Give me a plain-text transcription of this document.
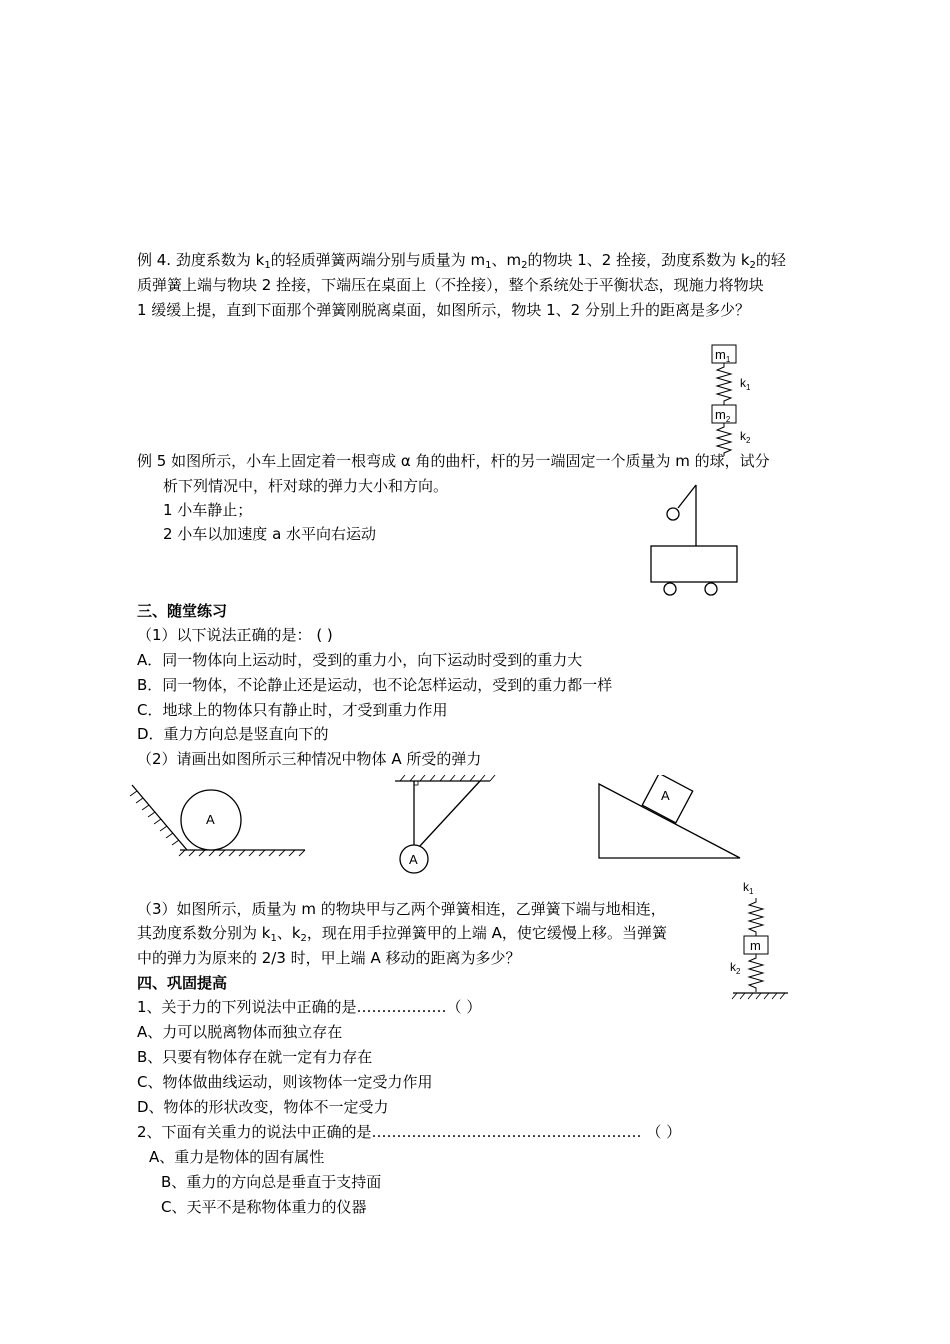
例 4. 劲度系数为 $k_1$的轻质弹簧两端分别与质量为 $m_1$、$m_2$的物块 1、2 拴接，劲度系数为 $k_2$的轻
质弹簧上端与物块 2 拴接，下端压在桌面上（不拴接），整个系统处于平衡状态，现施力将物块
1 缓缓上提，直到下面那个弹簧刚脱离桌面，如图所示，物块 1、2 分别上升的距离是多少？
$m_1$
$k_1$
$m_2$
$k_2$
例 5 如图所示，小车上固定着一根弯成 α 角的曲杆，杆的另一端固定一个质量为 m 的球，试分
析下列情况中，杆对球的弹力大小和方向。
1 小车静止；
2 小车以加速度 a 水平向右运动
三、随堂练习
（1）以下说法正确的是： ( )
A．同一物体向上运动时，受到的重力小，向下运动时受到的重力大
B．同一物体，不论静止还是运动，也不论怎样运动，受到的重力都一样
C．地球上的物体只有静止时，才受到重力作用
D．重力方向总是竖直向下的
（2）请画出如图所示三种情况中物体 A 所受的弹力
A
A
A
（3）如图所示，质量为 m 的物块甲与乙两个弹簧相连，乙弹簧下端与地相连，
其劲度系数分别为 $k_1$、$k_2$，现在用手拉弹簧甲的上端 A，使它缓慢上移。当弹簧
中的弹力为原来的 2/3 时，甲上端 A 移动的距离为多少？
$k_1$
m
$k_2$
四、巩固提高
1、关于力的下列说法中正确的是………………（ ）
A、力可以脱离物体而独立存在
B、只要有物体存在就一定有力存在
C、物体做曲线运动，则该物体一定受力作用
D、物体的形状改变，物体不一定受力
2、下面有关重力的说法中正确的是……………………………………………… （ ）
A、重力是物体的固有属性
B、重力的方向总是垂直于支持面
C、天平不是称物体重力的仪器
